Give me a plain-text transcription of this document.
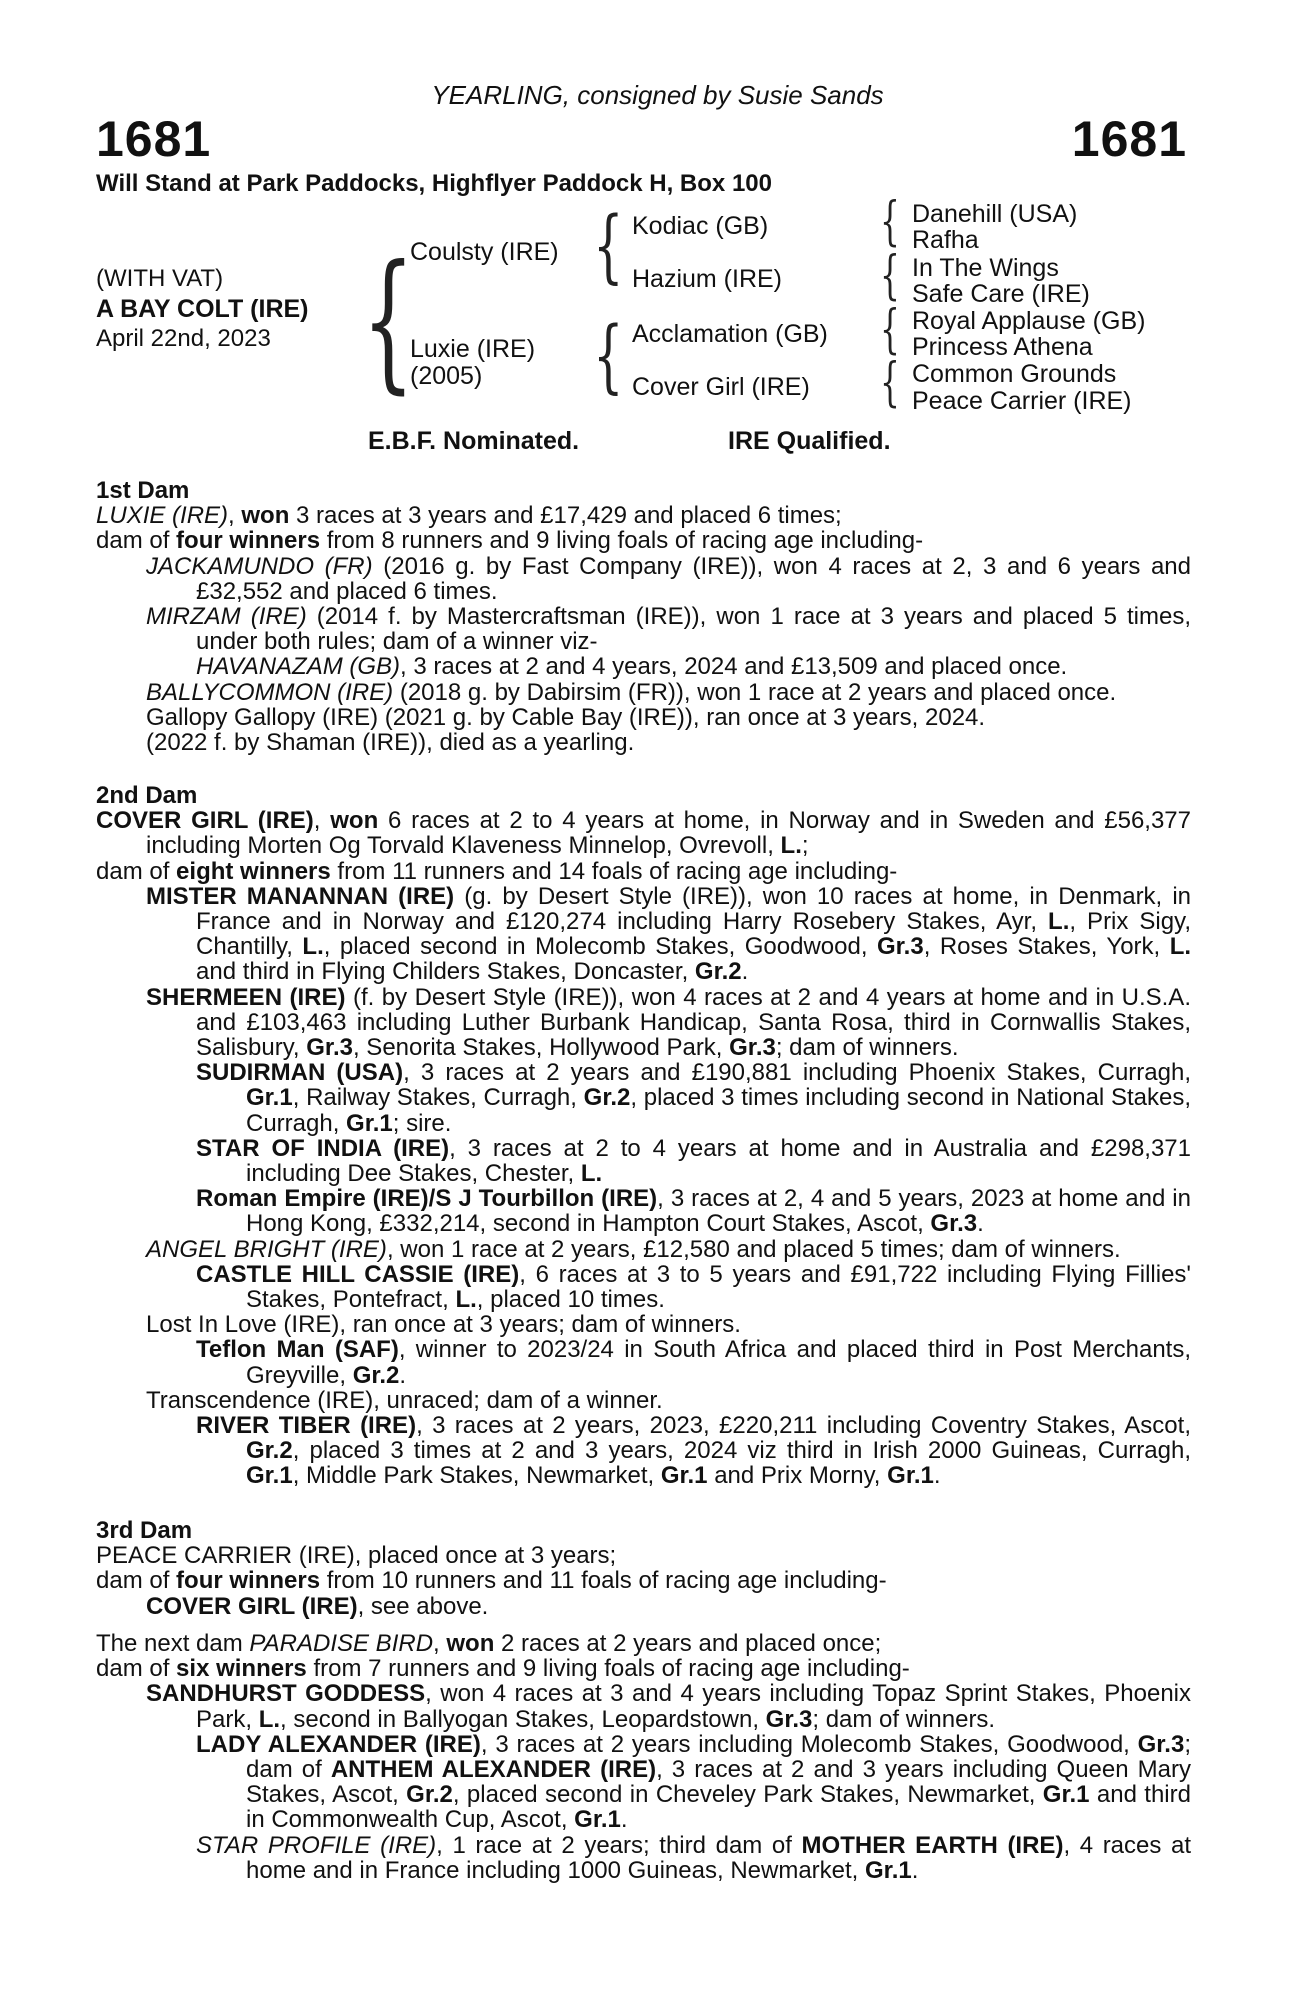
YEARLING, consigned by Susie Sands
1681	1681
Will Stand at Park Paddocks, Highflyer Paddock H, Box 100
(WITH VAT)
A BAY COLT (IRE)
April 22nd, 2023 {
Coulsty (IRE)
Luxie (IRE)
(2005)
{ Kodiac (GB)
Hazium (IRE)
{ Acclamation (GB)
Cover Girl (IRE)
{ Danehill (USA)
Rafha
{ In The Wings
Safe Care (IRE)
{ Royal Applause (GB)
Princess Athena
{ Common Grounds
Peace Carrier (IRE)
E.B.F. Nominated.	IRE Qualified.

1st Dam

LUXIE (IRE), won 3 races at 3 years and £17,429 and placed 6 times;

dam of four winners from 8 runners and 9 living foals of racing age including-

JACKAMUNDO (FR) (2016 g. by Fast Company (IRE)), won 4 races at 2, 3 and 6 years and £32,552 and placed 6 times.

MIRZAM (IRE) (2014 f. by Mastercraftsman (IRE)), won 1 race at 3 years and placed 5 times, under both rules; dam of a winner viz-

HAVANAZAM (GB), 3 races at 2 and 4 years, 2024 and £13,509 and placed once.

BALLYCOMMON (IRE) (2018 g. by Dabirsim (FR)), won 1 race at 2 years and placed once.

Gallopy Gallopy (IRE) (2021 g. by Cable Bay (IRE)), ran once at 3 years, 2024.

(2022 f. by Shaman (IRE)), died as a yearling.

2nd Dam

COVER GIRL (IRE), won 6 races at 2 to 4 years at home, in Norway and in Sweden and £56,377 including Morten Og Torvald Klaveness Minnelop, Ovrevoll, L.;

dam of eight winners from 11 runners and 14 foals of racing age including-

MISTER MANANNAN (IRE) (g. by Desert Style (IRE)), won 10 races at home, in Denmark, in France and in Norway and £120,274 including Harry Rosebery Stakes, Ayr, L., Prix Sigy, Chantilly, L., placed second in Molecomb Stakes, Goodwood, Gr.3, Roses Stakes, York, L. and third in Flying Childers Stakes, Doncaster, Gr.2.

SHERMEEN (IRE) (f. by Desert Style (IRE)), won 4 races at 2 and 4 years at home and in U.S.A. and £103,463 including Luther Burbank Handicap, Santa Rosa, third in Cornwallis Stakes, Salisbury, Gr.3, Senorita Stakes, Hollywood Park, Gr.3; dam of winners.

SUDIRMAN (USA), 3 races at 2 years and £190,881 including Phoenix Stakes, Curragh, Gr.1, Railway Stakes, Curragh, Gr.2, placed 3 times including second in National Stakes, Curragh, Gr.1; sire.

STAR OF INDIA (IRE), 3 races at 2 to 4 years at home and in Australia and £298,371 including Dee Stakes, Chester, L.

Roman Empire (IRE)/S J Tourbillon (IRE), 3 races at 2, 4 and 5 years, 2023 at home and in Hong Kong, £332,214, second in Hampton Court Stakes, Ascot, Gr.3.

ANGEL BRIGHT (IRE), won 1 race at 2 years, £12,580 and placed 5 times; dam of winners.

CASTLE HILL CASSIE (IRE), 6 races at 3 to 5 years and £91,722 including Flying Fillies' Stakes, Pontefract, L., placed 10 times.

Lost In Love (IRE), ran once at 3 years; dam of winners.

Teflon Man (SAF), winner to 2023/24 in South Africa and placed third in Post Merchants, Greyville, Gr.2.

Transcendence (IRE), unraced; dam of a winner.

RIVER TIBER (IRE), 3 races at 2 years, 2023, £220,211 including Coventry Stakes, Ascot, Gr.2, placed 3 times at 2 and 3 years, 2024 viz third in Irish 2000 Guineas, Curragh, Gr.1, Middle Park Stakes, Newmarket, Gr.1 and Prix Morny, Gr.1.

3rd Dam

PEACE CARRIER (IRE), placed once at 3 years;

dam of four winners from 10 runners and 11 foals of racing age including-

COVER GIRL (IRE), see above.

The next dam PARADISE BIRD, won 2 races at 2 years and placed once;

dam of six winners from 7 runners and 9 living foals of racing age including-

SANDHURST GODDESS, won 4 races at 3 and 4 years including Topaz Sprint Stakes, Phoenix Park, L., second in Ballyogan Stakes, Leopardstown, Gr.3; dam of winners.

LADY ALEXANDER (IRE), 3 races at 2 years including Molecomb Stakes, Goodwood, Gr.3; dam of ANTHEM ALEXANDER (IRE), 3 races at 2 and 3 years including Queen Mary Stakes, Ascot, Gr.2, placed second in Cheveley Park Stakes, Newmarket, Gr.1 and third in Commonwealth Cup, Ascot, Gr.1.

STAR PROFILE (IRE), 1 race at 2 years; third dam of MOTHER EARTH (IRE), 4 races at home and in France including 1000 Guineas, Newmarket, Gr.1.
